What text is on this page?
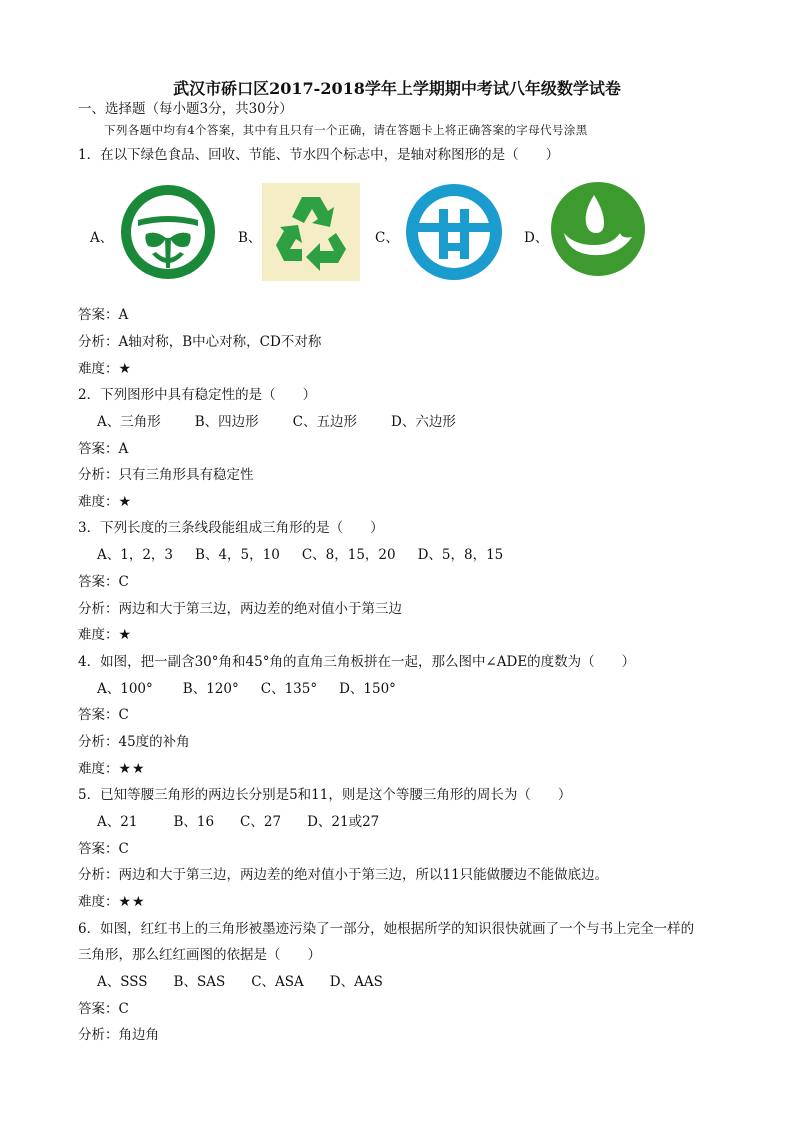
武汉市硚口区2017-2018学年上学期期中考试八年级数学试卷
一、选择题（每小题3分，共30分）
下列各题中均有4个答案，其中有且只有一个正确，请在答题卡上将正确答案的字母代号涂黑
1．在以下绿色食品、回收、节能、节水四个标志中，是轴对称图形的是（　　）
A、	B、	C、	D、
答案：A
分析：A轴对称，B中心对称，CD不对称
难度：★
2．下列图形中具有稳定性的是（　　）
A、三角形	B、四边形	C、五边形	D、六边形
答案：A
分析：只有三角形具有稳定性
难度：★
3．下列长度的三条线段能组成三角形的是（　　）
A、1，2，3 B、4，5，10 C、8，15，20 D、5，8，15
答案：C
分析：两边和大于第三边，两边差的绝对值小于第三边
难度：★
4．如图，把一副含30°角和45°角的直角三角板拼在一起，那么图中∠ADE的度数为（　　）
A、100° B、120° C、135° D、150°
答案：C
分析：45度的补角
难度：★★
5．已知等腰三角形的两边长分别是5和11，则是这个等腰三角形的周长为（　　）
A、21	B、16 C、27 D、21或27
答案：C
分析：两边和大于第三边，两边差的绝对值小于第三边，所以11只能做腰边不能做底边。
难度：★★
6．如图，红红书上的三角形被墨迹污染了一部分，她根据所学的知识很快就画了一个与书上完全一样的
三角形，那么红红画图的依据是（　　）
A、SSS B、SAS C、ASA D、AAS
答案：C
分析：角边角
